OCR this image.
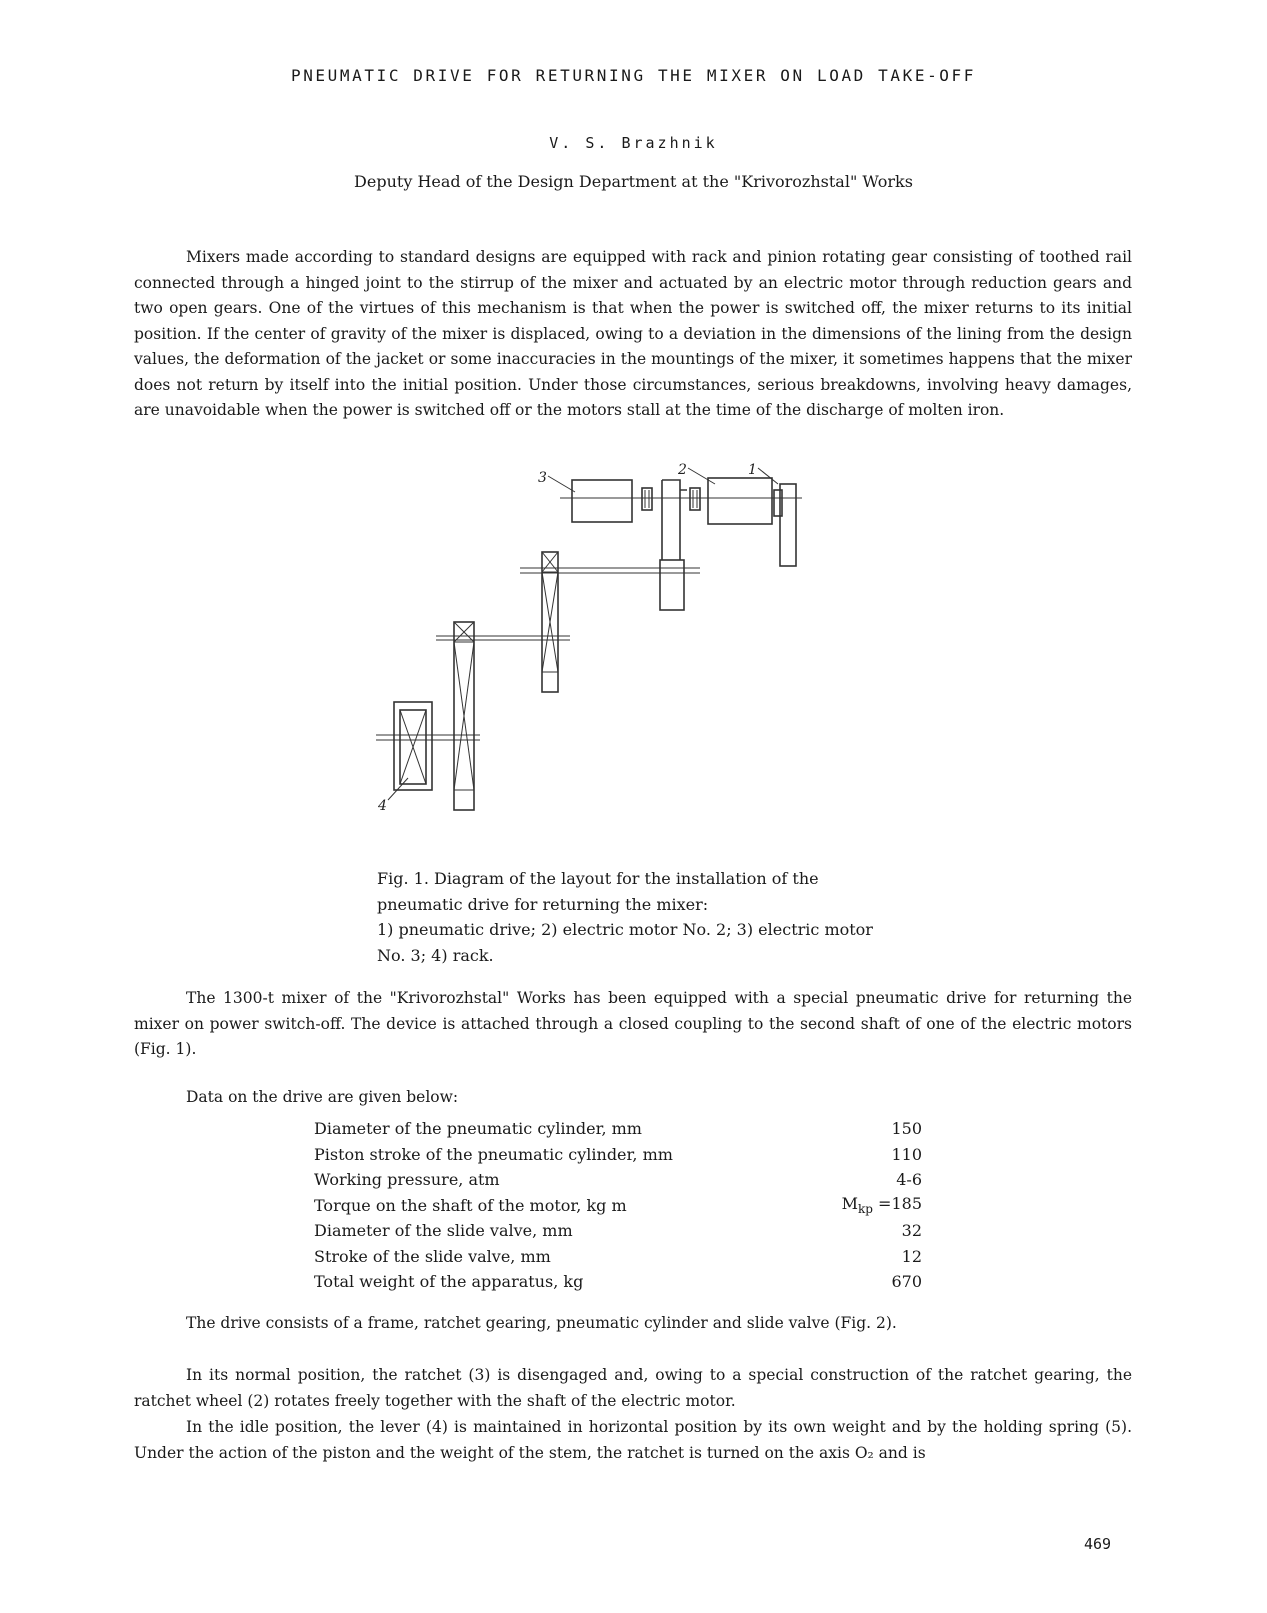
PNEUMATIC DRIVE FOR RETURNING THE MIXER ON LOAD TAKE-OFF
V. S. Brazhnik
Deputy Head of the Design Department at the "Krivorozhstal" Works

Mixers made according to standard designs are equipped with rack and pinion rotating gear consisting of toothed rail connected through a hinged joint to the stirrup of the mixer and actuated by an electric motor through reduction gears and two open gears. One of the virtues of this mechanism is that when the power is switched off, the mixer returns to its initial position. If the center of gravity of the mixer is displaced, owing to a deviation in the dimensions of the lining from the design values, the deformation of the jacket or some inaccuracies in the mountings of the mixer, it sometimes happens that the mixer does not return by itself into the initial position. Under those circumstances, serious breakdowns, involving heavy damages, are unavoidable when the power is switched off or the motors stall at the time of the discharge of molten iron.

3	2	1
4
Fig. 1. Diagram of the layout for the installation of the pneumatic drive for returning the mixer:
1) pneumatic drive; 2) electric motor No. 2; 3) electric motor No. 3; 4) rack.

The 1300-t mixer of the "Krivorozhstal" Works has been equipped with a special pneumatic drive for returning the mixer on power switch-off. The device is attached through a closed coupling to the second shaft of one of the electric motors (Fig. 1).

Data on the drive are given below:

Diameter of the pneumatic cylinder, mm	150
Piston stroke of the pneumatic cylinder, mm	110
Working pressure, atm	4-6
Torque on the shaft of the motor, kg m	$M_{kp} =185$
Diameter of the slide valve, mm	32
Stroke of the slide valve, mm	12
Total weight of the apparatus, kg	670

The drive consists of a frame, ratchet gearing, pneumatic cylinder and slide valve (Fig. 2).

In its normal position, the ratchet (3) is disengaged and, owing to a special construction of the ratchet gearing, the ratchet wheel (2) rotates freely together with the shaft of the electric motor.

In the idle position, the lever (4) is maintained in horizontal position by its own weight and by the holding spring (5). Under the action of the piston and the weight of the stem, the ratchet is turned on the axis O₂ and is

469
